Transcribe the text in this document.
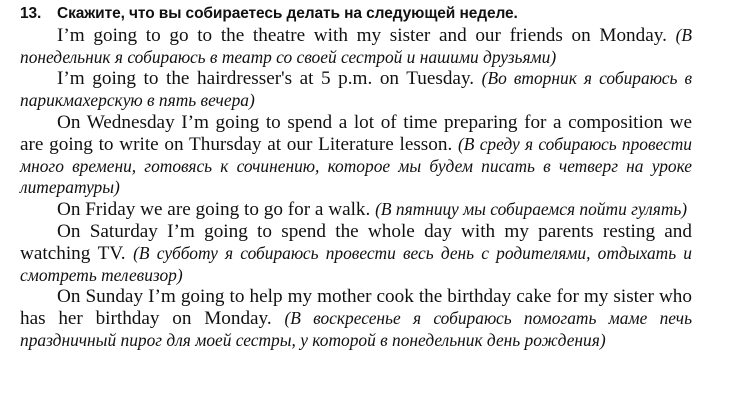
13. Скажите, что вы собираетесь делать на следующей неделе.

I’m going to go to the theatre with my sister and our friends on Monday. (В понедельник я собираюсь в театр со своей сестрой и нашими друзьями)

I’m going to the hairdresser's at 5 p.m. on Tuesday. (Во вторник я собираюсь в парикмахерскую в пять вечера)

On Wednesday I’m going to spend a lot of time preparing for a composition we are going to write on Thursday at our Literature lesson. (В среду я собираюсь провести много времени, готовясь к сочинению, которое мы будем писать в четверг на уроке литературы)

On Friday we are going to go for a walk. (В пятницу мы собираемся пойти гулять)

On Saturday I’m going to spend the whole day with my parents resting and watching TV. (В субботу я собираюсь провести весь день с родителями, отдыхать и смотреть телевизор)

On Sunday I’m going to help my mother cook the birthday cake for my sister who has her birthday on Monday. (В воскресенье я собираюсь помогать маме печь праздничный пирог для моей сестры, у которой в понедельник день рождения)
